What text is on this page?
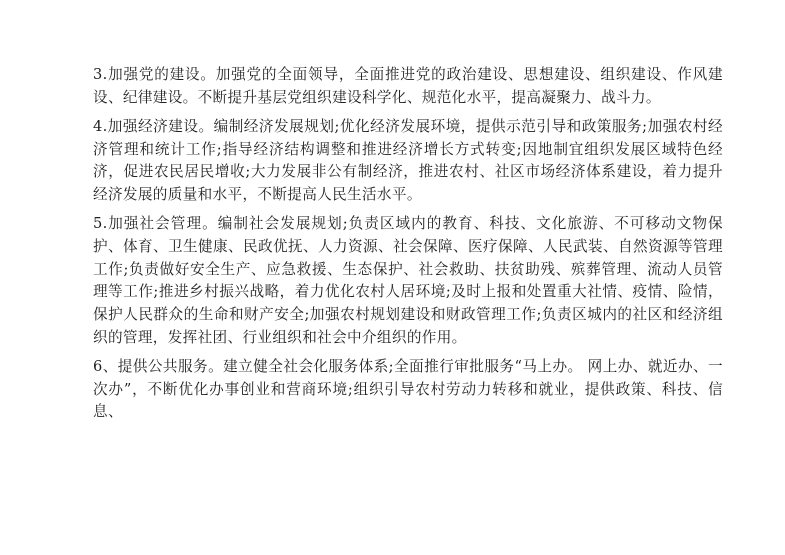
3.加强党的建设。加强党的全面领导，全面推进党的政治建设、思想建设、组织建设、作风建设、纪律建设。不断提升基层党组织建设科学化、规范化水平，提高凝聚力、战斗力。

4.加强经济建设。编制经济发展规划;优化经济发展环境，提供示范引导和政策服务;加强农村经济管理和统计工作;指导经济结构调整和推进经济增长方式转变;因地制宜组织发展区域特色经济，促进农民居民增收;大力发展非公有制经济，推进农村、社区市场经济体系建设，着力提升经济发展的质量和水平，不断提高人民生活水平。

5.加强社会管理。编制社会发展规划;负责区域内的教育、科技、文化旅游、不可移动文物保护、体育、卫生健康、民政优抚、人力资源、社会保障、医疗保障、人民武装、自然资源等管理工作;负责做好安全生产、应急救援、生态保护、社会救助、扶贫助残、殡葬管理、流动人员管理等工作;推进乡村振兴战略，着力优化农村人居环境;及时上报和处置重大社情、疫情、险情，保护人民群众的生命和财产安全;加强农村规划建设和财政管理工作;负责区城内的社区和经济组织的管理，发挥社团、行业组织和社会中介组织的作用。

6、提供公共服务。建立健全社会化服务体系;全面推行审批服务“马上办。 网上办、就近办、一次办”，不断优化办事创业和营商环境;组织引导农村劳动力转移和就业，提供政策、科技、信息、
